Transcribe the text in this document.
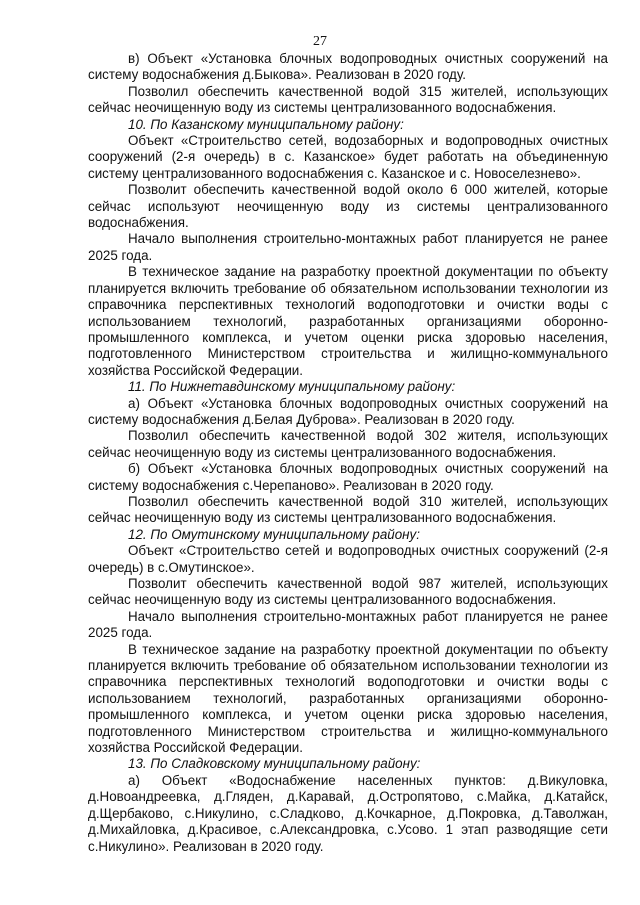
27

в) Объект «Установка блочных водопроводных очистных сооружений на систему водоснабжения д.Быкова». Реализован в 2020 году.

Позволил обеспечить качественной водой 315 жителей, использующих сейчас неочищенную воду из системы централизованного водоснабжения.

10. По Казанскому муниципальному району:

Объект «Строительство сетей, водозаборных и водопроводных очистных сооружений (2-я очередь) в с. Казанское» будет работать на объединенную систему централизованного водоснабжения с. Казанское и с. Новоселезнево».

Позволит обеспечить качественной водой около 6 000 жителей, которые сейчас используют неочищенную воду из системы централизованного водоснабжения.

Начало выполнения строительно-монтажных работ планируется не ранее 2025 года.

В техническое задание на разработку проектной документации по объекту планируется включить требование об обязательном использовании технологии из справочника перспективных технологий водоподготовки и очистки воды с использованием технологий, разработанных организациями оборонно-промышленного комплекса, и учетом оценки риска здоровью населения, подготовленного Министерством строительства и жилищно-коммунального хозяйства Российской Федерации.

11. По Нижнетавдинскому муниципальному району:

а) Объект «Установка блочных водопроводных очистных сооружений на систему водоснабжения д.Белая Дуброва». Реализован в 2020 году.

Позволил обеспечить качественной водой 302 жителя, использующих сейчас неочищенную воду из системы централизованного водоснабжения.

б) Объект «Установка блочных водопроводных очистных сооружений на систему водоснабжения с.Черепаново». Реализован в 2020 году.

Позволил обеспечить качественной водой 310 жителей, использующих сейчас неочищенную воду из системы централизованного водоснабжения.

12. По Омутинскому муниципальному району:

Объект «Строительство сетей и водопроводных очистных сооружений (2-я очередь) в с.Омутинское».

Позволит обеспечить качественной водой 987 жителей, использующих сейчас неочищенную воду из системы централизованного водоснабжения.

Начало выполнения строительно-монтажных работ планируется не ранее 2025 года.

В техническое задание на разработку проектной документации по объекту планируется включить требование об обязательном использовании технологии из справочника перспективных технологий водоподготовки и очистки воды с использованием технологий, разработанных организациями оборонно-промышленного комплекса, и учетом оценки риска здоровью населения, подготовленного Министерством строительства и жилищно-коммунального хозяйства Российской Федерации.

13. По Сладковскому муниципальному району:

а) Объект «Водоснабжение населенных пунктов: д.Викуловка, д.Новоандреевка, д.Гляден, д.Каравай, д.Остропятово, с.Майка, д.Катайск, д.Щербаково, с.Никулино, с.Сладково, д.Кочкарное, д.Покровка, д.Таволжан, д.Михайловка, д.Красивое, с.Александровка, с.Усово. 1 этап разводящие сети с.Никулино». Реализован в 2020 году.
